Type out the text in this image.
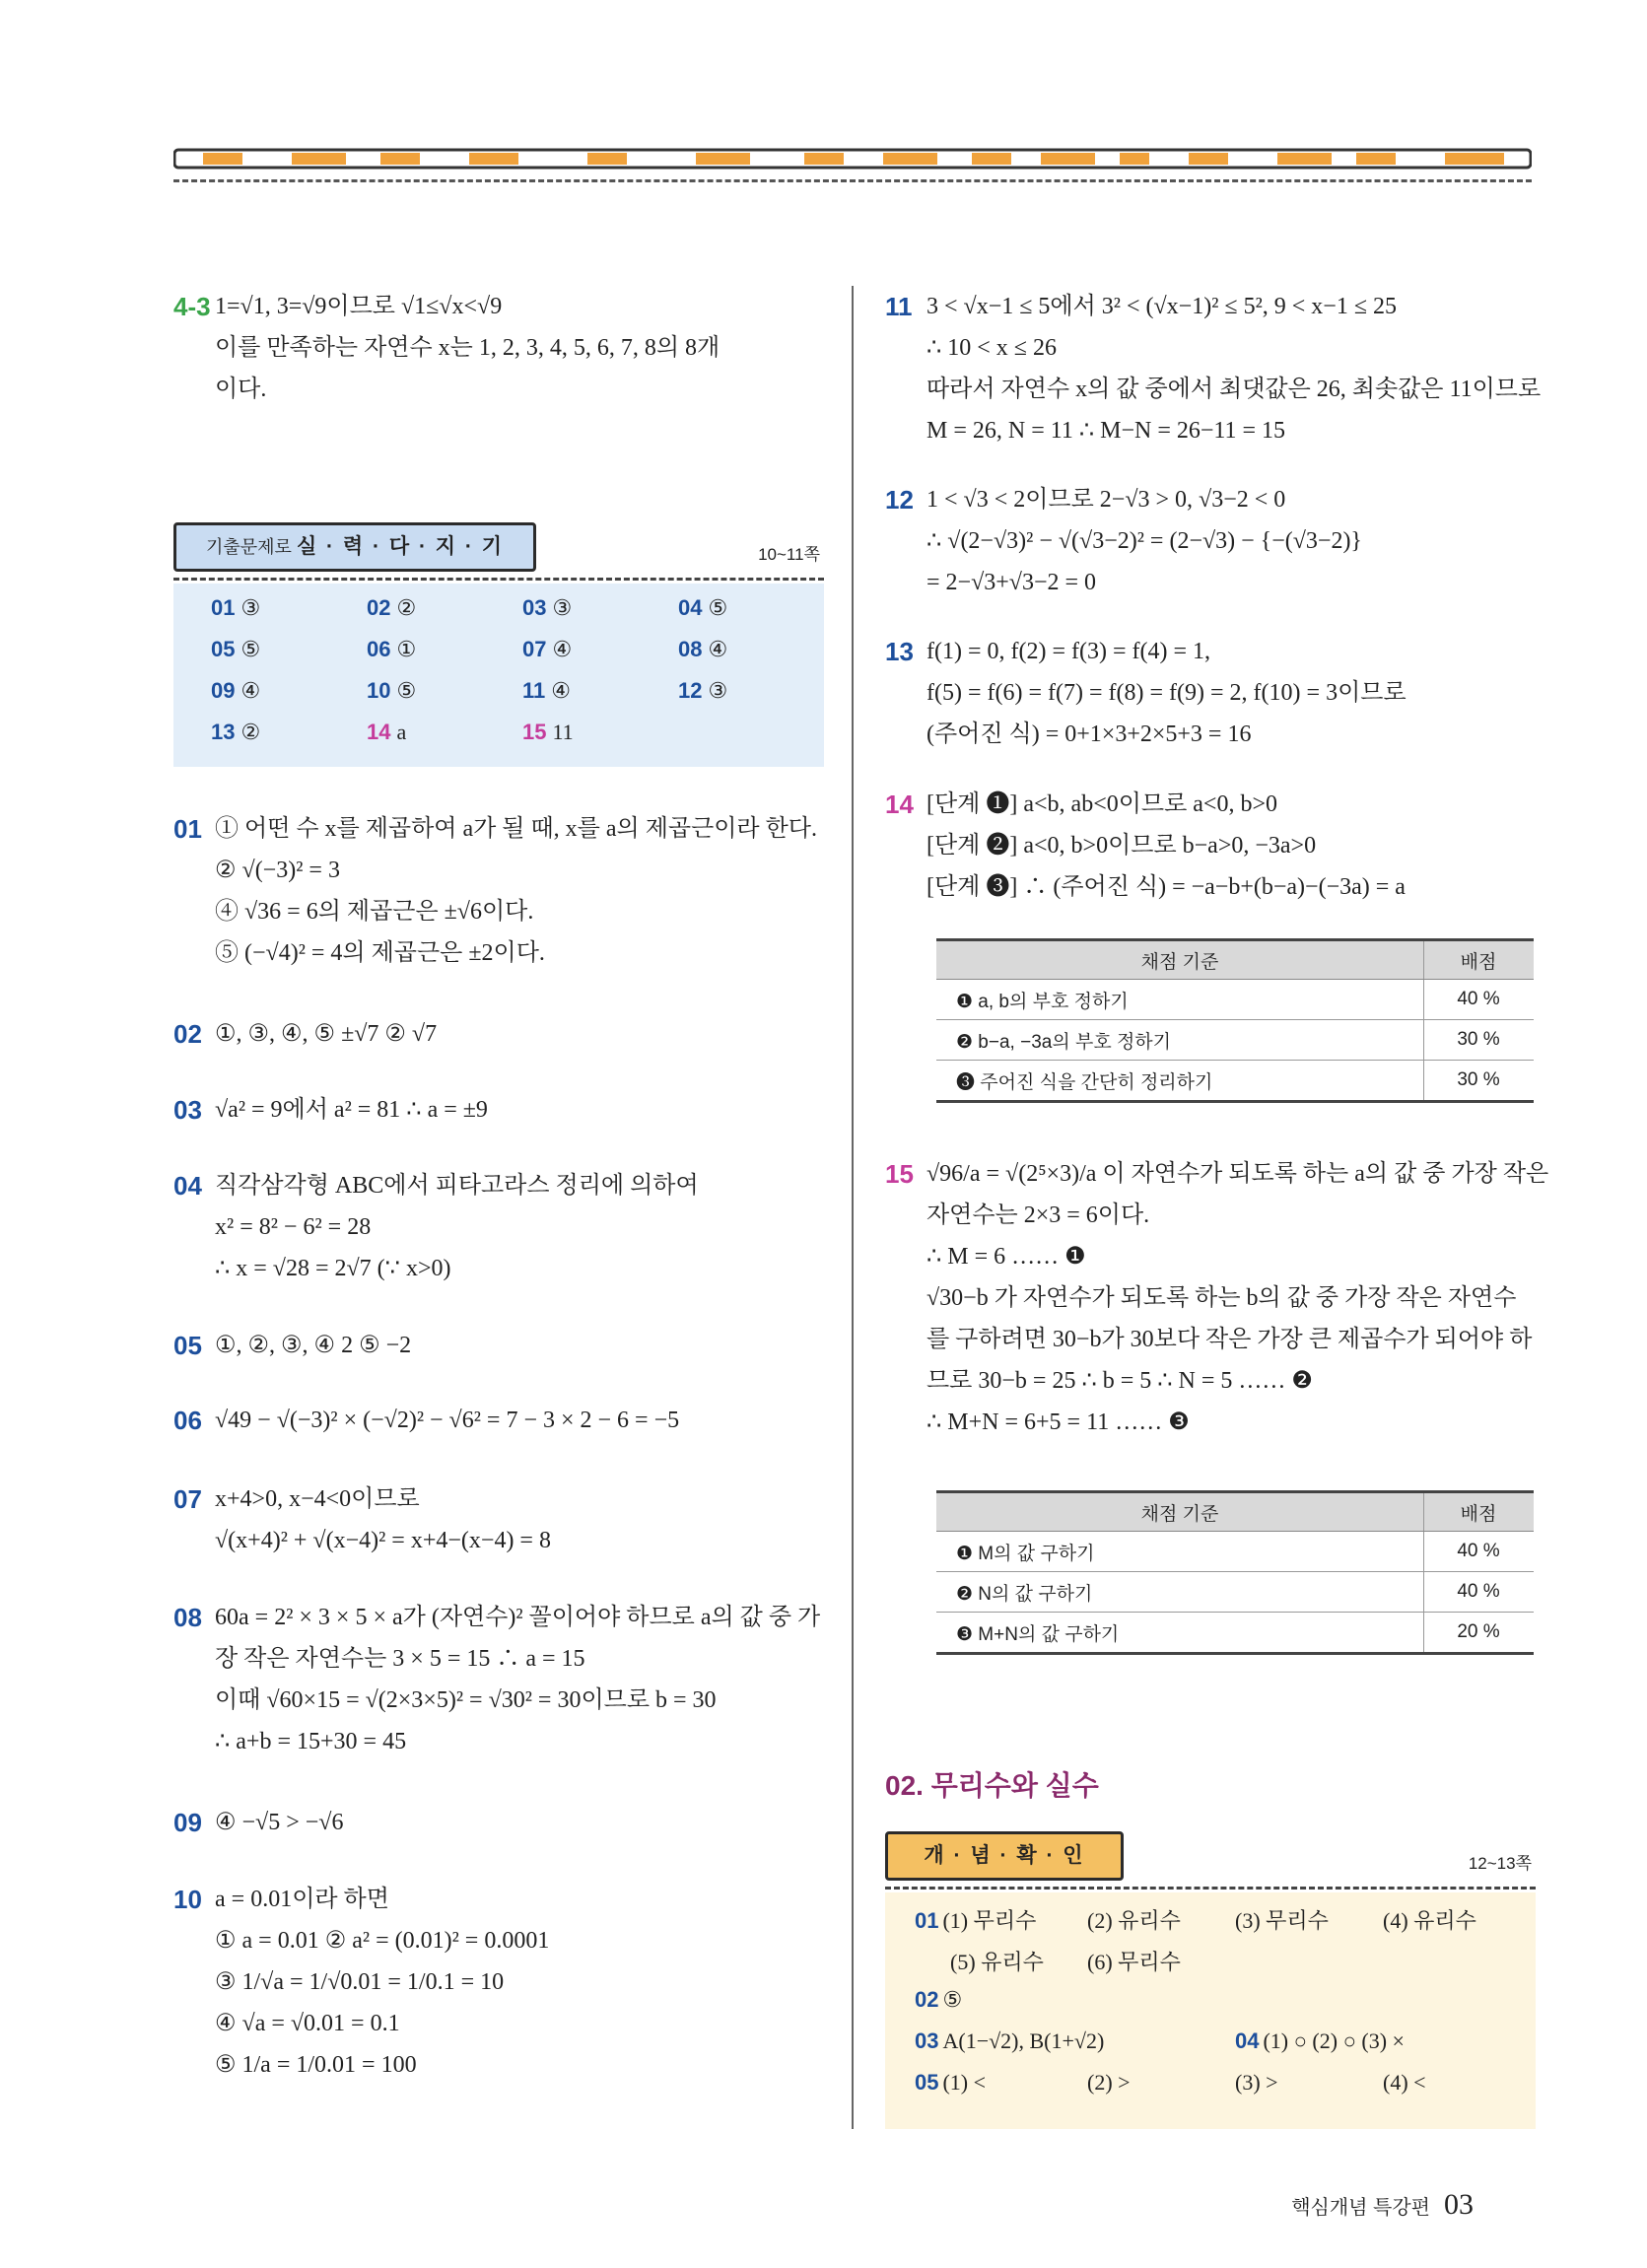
4-3 1=√1, 3=√9이므로 √1≤√x<√9
이를 만족하는 자연수 x는 1, 2, 3, 4, 5, 6, 7, 8의 8개
이다.
01 ① 어떤 수 x를 제곱하여 a가 될 때, x를 a의 제곱근이라 한다.
② √(−3)² = 3
④ √36 = 6의 제곱근은 ±√6이다.
⑤ (−√4)² = 4의 제곱근은 ±2이다.
02 ①, ③, ④, ⑤ ±√7 ② √7
03 √a² = 9에서 a² = 81 ∴ a = ±9
04 직각삼각형 ABC에서 피타고라스 정리에 의하여
x² = 8² − 6² = 28
∴ x = √28 = 2√7 (∵ x>0)
05 ①, ②, ③, ④ 2 ⑤ −2
06 √49 − √(−3)² × (−√2)² − √6² = 7 − 3 × 2 − 6 = −5
07 x+4>0, x−4<0이므로
√(x+4)² + √(x−4)² = x+4−(x−4) = 8
08 60a = 2² × 3 × 5 × a가 (자연수)² 꼴이어야 하므로 a의 값 중 가
장 작은 자연수는 3 × 5 = 15 ∴ a = 15
이때 √60×15 = √(2×3×5)² = √30² = 30이므로 b = 30
∴ a+b = 15+30 = 45
09 ④ −√5 > −√6
10 a = 0.01이라 하면
① a = 0.01 ② a² = (0.01)² = 0.0001
③ 1/√a = 1/√0.01 = 1/0.1 = 10
④ √a = √0.01 = 0.1
⑤ 1/a = 1/0.01 = 100
기출문제로 실 · 력 · 다 · 지 · 기	10~11쪽
01 ③	02 ②	03 ③	04 ⑤
05 ⑤	06 ①	07 ④	08 ④
09 ④	10 ⑤	11 ④	12 ③
13 ②	14 a	15 11
11 3 < √x−1 ≤ 5에서 3² < (√x−1)² ≤ 5², 9 < x−1 ≤ 25
∴ 10 < x ≤ 26
따라서 자연수 x의 값 중에서 최댓값은 26, 최솟값은 11이므로
M = 26, N = 11 ∴ M−N = 26−11 = 15
12 1 < √3 < 2이므로 2−√3 > 0, √3−2 < 0
∴ √(2−√3)² − √(√3−2)² = (2−√3) − {−(√3−2)}
= 2−√3+√3−2 = 0
13 f(1) = 0, f(2) = f(3) = f(4) = 1,
f(5) = f(6) = f(7) = f(8) = f(9) = 2, f(10) = 3이므로
(주어진 식) = 0+1×3+2×5+3 = 16
14 [단계 ❶] a<b, ab<0이므로 a<0, b>0
[단계 ❷] a<0, b>0이므로 b−a>0, −3a>0
[단계 ❸] ∴ (주어진 식) = −a−b+(b−a)−(−3a) = a
15 √96/a = √(2⁵×3)/a 이 자연수가 되도록 하는 a의 값 중 가장 작은
자연수는 2×3 = 6이다.
∴ M = 6 …… ❶
√30−b 가 자연수가 되도록 하는 b의 값 중 가장 작은 자연수
를 구하려면 30−b가 30보다 작은 가장 큰 제곱수가 되어야 하
므로 30−b = 25 ∴ b = 5 ∴ N = 5 …… ❷
∴ M+N = 6+5 = 11 …… ❸
채점 기준	배점
❶ a, b의 부호 정하기	40 %
❷ b−a, −3a의 부호 정하기	30 %
❸ 주어진 식을 간단히 정리하기	30 %
채점 기준	배점
❶ M의 값 구하기	40 %
❷ N의 값 구하기	40 %
❸ M+N의 값 구하기	20 %
02. 무리수와 실수
개 · 념 · 확 · 인	12~13쪽
01 (1) 무리수 (2) 유리수	(3) 무리수	(4) 유리수
(5) 유리수 (6) 무리수
02 ⑤
03 A(1−√2), B(1+√2)	04 (1) ○ (2) ○ (3) ×
05 (1) <	(2) >	(3) >	(4) <
핵심개념 특강편 03
